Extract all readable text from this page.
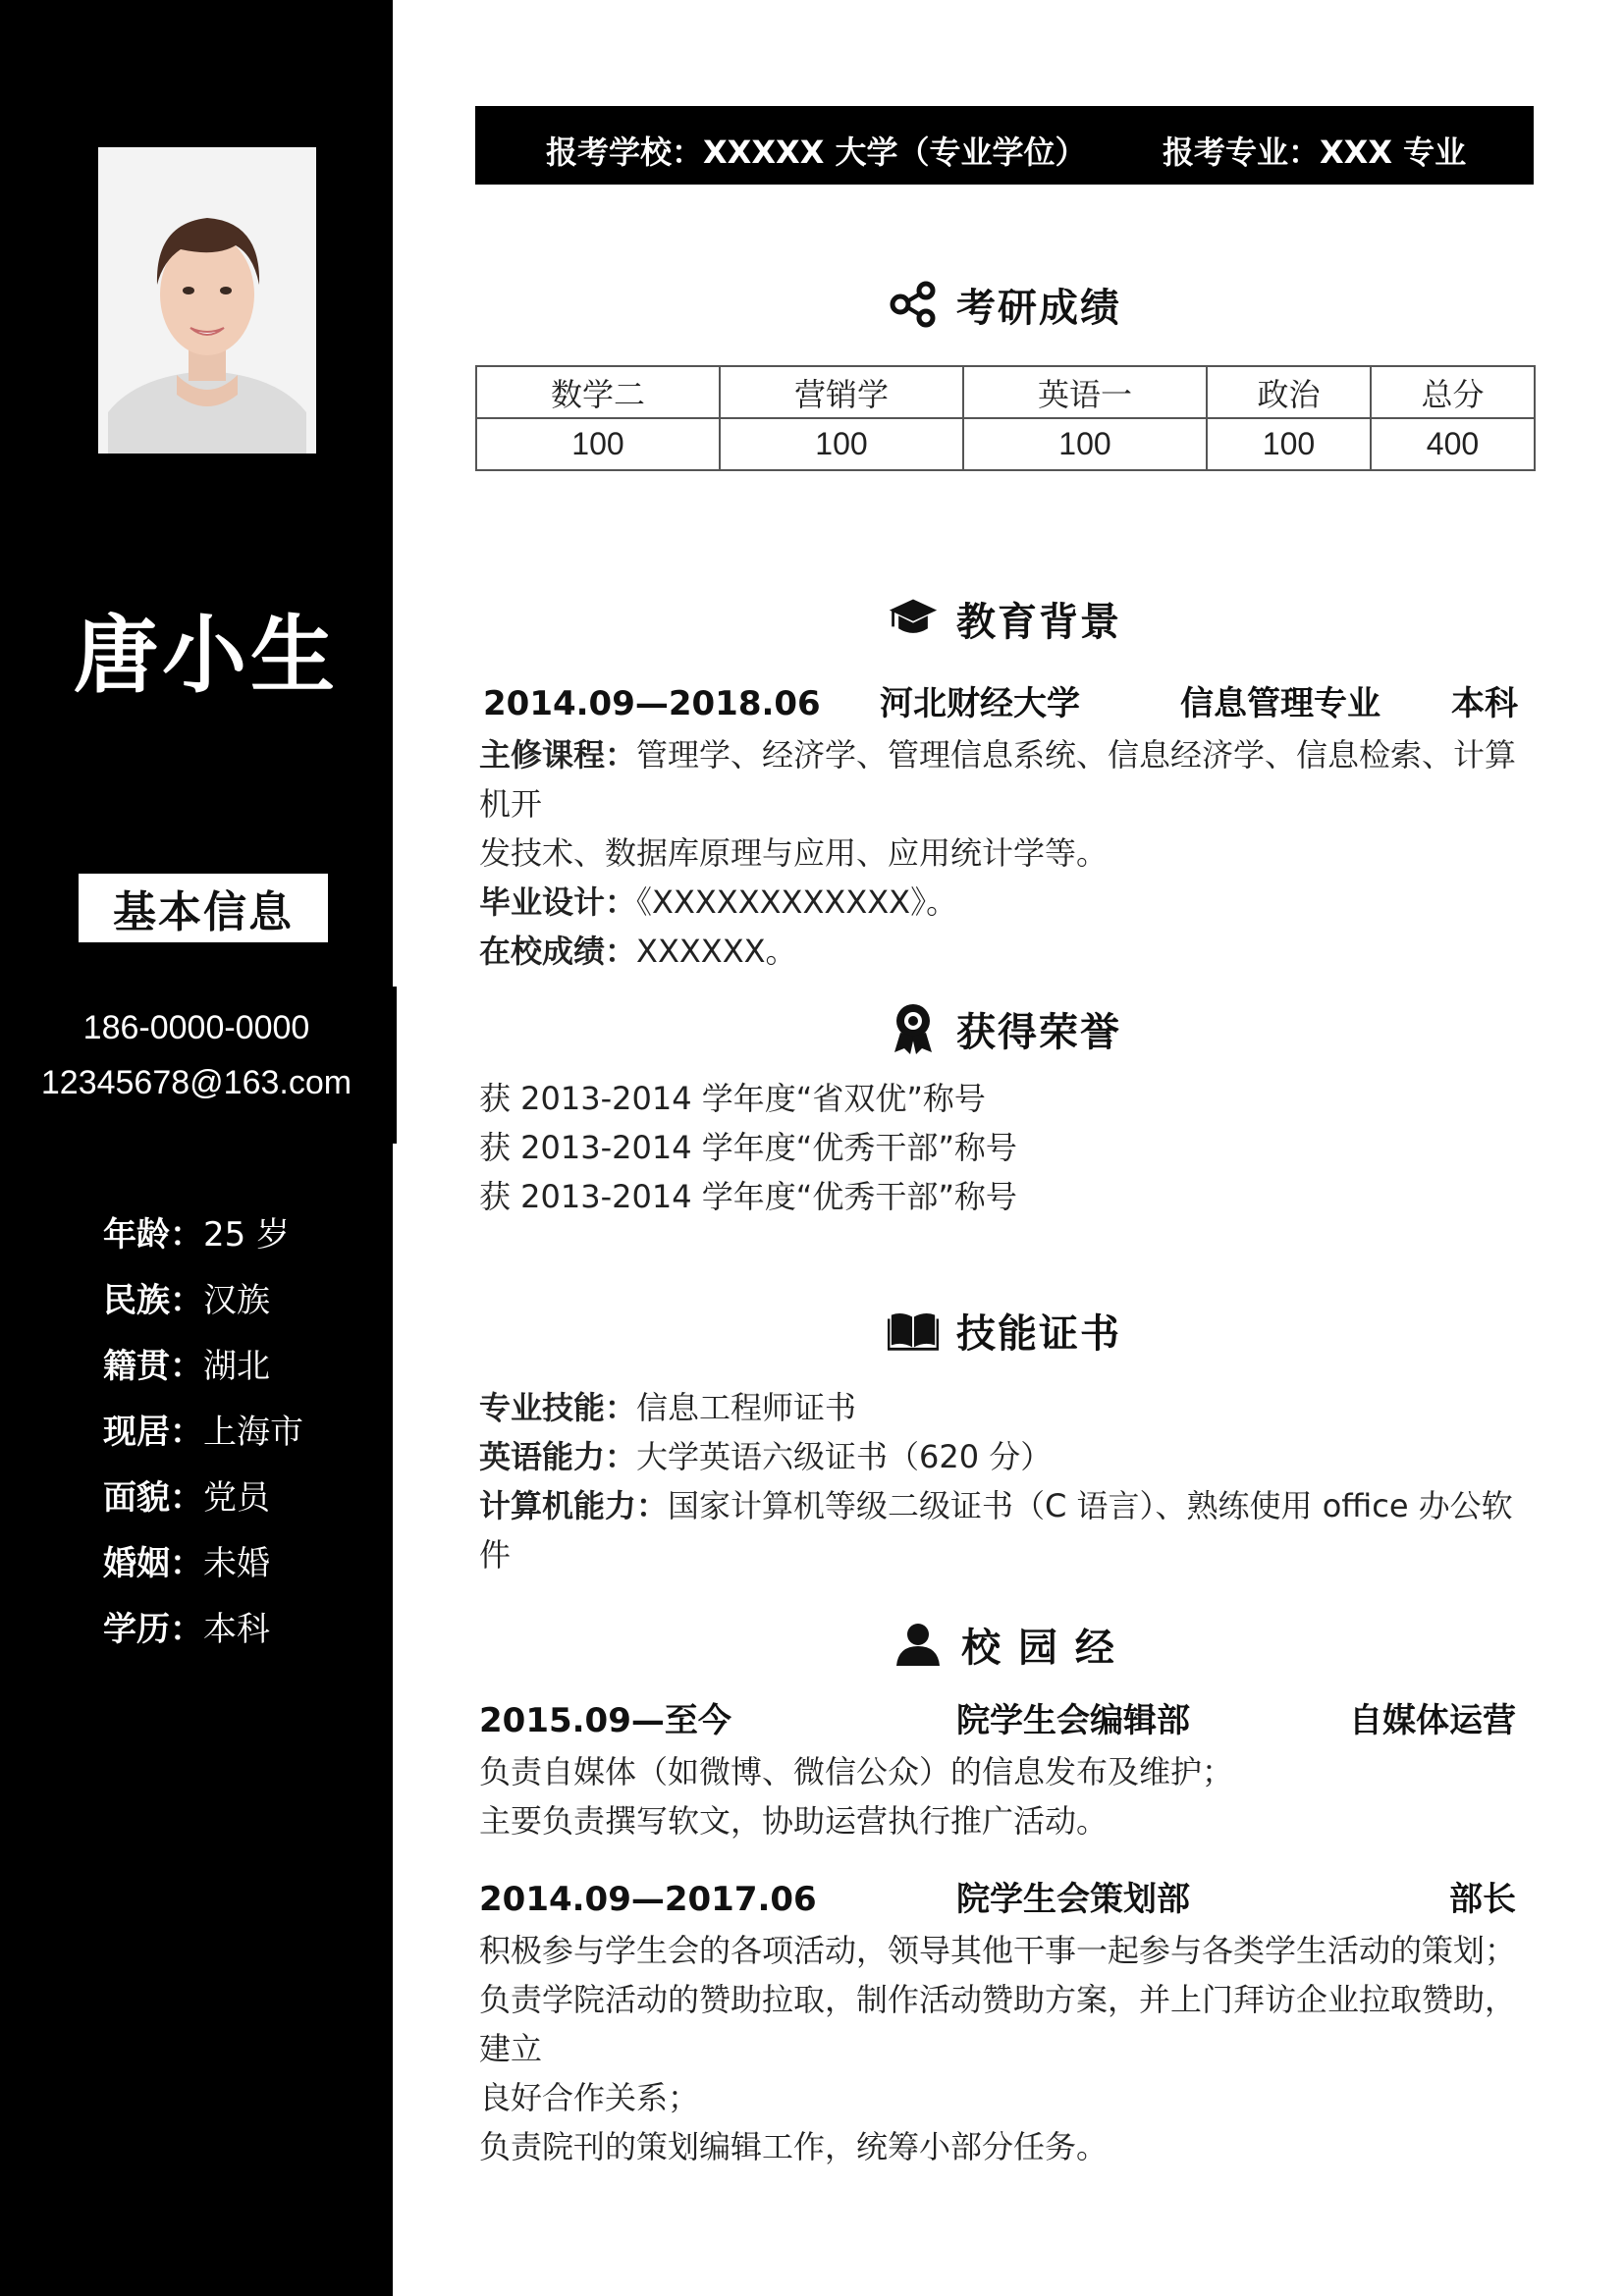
唐小生
基本信息
186-0000-0000
12345678@163.com
年龄：25 岁
民族：汉族
籍贯：湖北
现居：上海市
面貌：党员
婚姻：未婚
学历：本科
报考学校：XXXXX 大学（专业学位） 报考专业：XXX 专业
考研成绩
数学二	营销学	英语一	政治	总分
100	100	100	100	400
教育背景
2014.09—2018.06 河北财经大学	信息管理专业 本科

主修课程：管理学、经济学、管理信息系统、信息经济学、信息检索、计算机开

发技术、数据库原理与应用、应用统计学等。

毕业设计：《XXXXXXXXXXXX》。

在校成绩：XXXXXX。

获得荣誉

获 2013-2014 学年度“省双优”称号

获 2013-2014 学年度“优秀干部”称号

获 2013-2014 学年度“优秀干部”称号

技能证书

专业技能：信息工程师证书

英语能力：大学英语六级证书（620 分）

计算机能力：国家计算机等级二级证书（C 语言）、熟练使用 office 办公软件

校 园 经
2015.09—至今	院学生会编辑部	自媒体运营

负责自媒体（如微博、微信公众）的信息发布及维护；

主要负责撰写软文，协助运营执行推广活动。

2014.09—2017.06	院学生会策划部	部长

积极参与学生会的各项活动，领导其他干事一起参与各类学生活动的策划；

负责学院活动的赞助拉取，制作活动赞助方案，并上门拜访企业拉取赞助，建立

良好合作关系；

负责院刊的策划编辑工作，统筹小部分任务。
